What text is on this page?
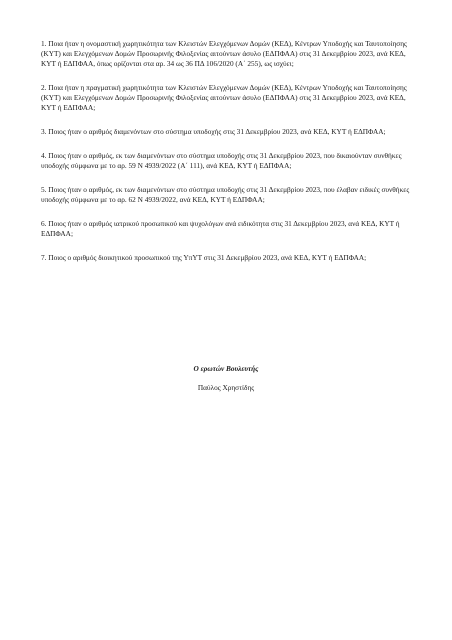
1. Ποια ήταν η ονομαστική χωρητικότητα των Κλειστών Ελεγχόμενων Δομών (ΚΕΔ), Κέντρων Υποδοχής και Ταυτοποίησης (ΚΥΤ) και Ελεγχόμενων Δομών Προσωρινής Φιλοξενίας αιτούντων άσυλο (ΕΔΠΦΑΑ) στις 31 Δεκεμβρίου 2023, ανά ΚΕΔ, ΚΥΤ ή ΕΔΠΦΑΑ, όπως ορίζονται στα αρ. 34 ως 36 ΠΔ 106/2020 (Α΄ 255), ως ισχύει;
2. Ποια ήταν η πραγματική χωρητικότητα των Κλειστών Ελεγχόμενων Δομών (ΚΕΔ), Κέντρων Υποδοχής και Ταυτοποίησης (ΚΥΤ) και Ελεγχόμενων Δομών Προσωρινής Φιλοξενίας αιτούντων άσυλο (ΕΔΠΦΑΑ) στις 31 Δεκεμβρίου 2023, ανά ΚΕΔ, ΚΥΤ ή ΕΔΠΦΑΑ;
3. Ποιος ήταν ο αριθμός διαμενόντων στο σύστημα υποδοχής στις 31 Δεκεμβρίου 2023, ανά ΚΕΔ, ΚΥΤ ή ΕΔΠΦΑΑ;
4. Ποιος ήταν ο αριθμός, εκ των διαμενόντων στο σύστημα υποδοχής στις 31 Δεκεμβρίου 2023, που δικαιούνταν συνθήκες υποδοχής σύμφωνα με το αρ. 59 Ν 4939/2022 (Α΄ 111), ανά ΚΕΔ, ΚΥΤ ή ΕΔΠΦΑΑ;
5. Ποιος ήταν ο αριθμός, εκ των διαμενόντων στο σύστημα υποδοχής στις 31 Δεκεμβρίου 2023, που έλαβαν ειδικές συνθήκες υποδοχής σύμφωνα με το αρ. 62 Ν 4939/2022, ανά ΚΕΔ, ΚΥΤ ή ΕΔΠΦΑΑ;
6. Ποιος ήταν ο αριθμός ιατρικού προσωπικού και ψυχολόγων ανά ειδικότητα στις 31 Δεκεμβρίου 2023, ανά ΚΕΔ, ΚΥΤ ή ΕΔΠΦΑΑ;
7. Ποιος ο αριθμός διοικητικού προσωπικού της ΥπΥΤ στις 31 Δεκεμβρίου 2023, ανά ΚΕΔ, ΚΥΤ ή ΕΔΠΦΑΑ;
Ο ερωτών Βουλευτής
Παύλος Χρηστίδης
